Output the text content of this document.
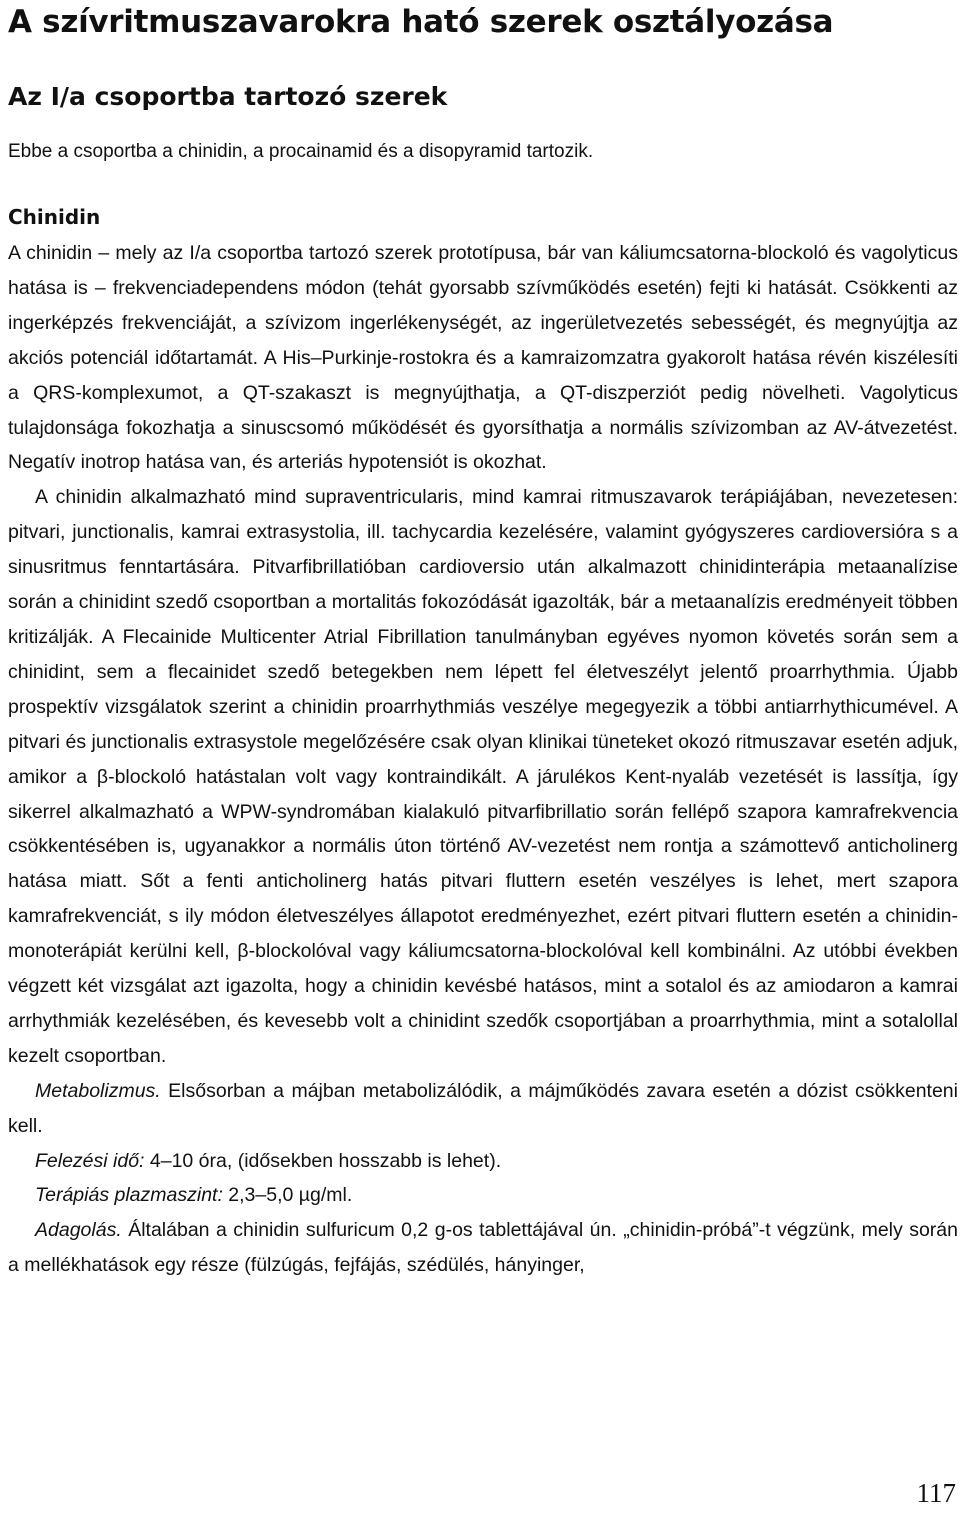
A szívritmuszavarokra ható szerek osztályozása
Az I/a csoportba tartozó szerek

Ebbe a csoportba a chinidin, a procainamid és a disopyramid tartozik.

Chinidin

A chinidin – mely az I/a csoportba tartozó szerek prototípusa, bár van káliumcsatorna-blockoló és vagolyticus hatása is – frekvenciadependens módon (tehát gyorsabb szívműködés esetén) fejti ki hatását. Csökkenti az ingerképzés frekvenciáját, a szívizom ingerlékenységét, az ingerületvezetés sebességét, és megnyújtja az akciós potenciál időtartamát. A His–Purkinje-rostokra és a kamraizomzatra gyakorolt hatása révén kiszélesíti a QRS-komplexumot, a QT-szakaszt is megnyújthatja, a QT-diszperziót pedig növelheti. Vagolyticus tulajdonsága fokozhatja a sinuscsomó működését és gyorsíthatja a normális szívizomban az AV-átvezetést. Negatív inotrop hatása van, és arteriás hypotensiót is okozhat.

A chinidin alkalmazható mind supraventricularis, mind kamrai ritmuszavarok terápiájában, nevezetesen: pitvari, junctionalis, kamrai extrasystolia, ill. tachycardia kezelésére, valamint gyógyszeres cardioversióra s a sinusritmus fenntartására. Pitvarfibrillatióban cardioversio után alkalmazott chinidinterápia metaanalízise során a chinidint szedő csoportban a mortalitás fokozódását igazolták, bár a metaanalízis eredményeit többen kritizálják. A Flecainide Multicenter Atrial Fibrillation tanulmányban egyéves nyomon követés során sem a chinidint, sem a flecainidet szedő betegekben nem lépett fel életveszélyt jelentő proarrhythmia. Újabb prospektív vizsgálatok szerint a chinidin proarrhythmiás veszélye megegyezik a többi antiarrhythicumével. A pitvari és junctionalis extrasystole megelőzésére csak olyan klinikai tüneteket okozó ritmuszavar esetén adjuk, amikor a β-blockoló hatástalan volt vagy kontraindikált. A járulékos Kent-nyaláb vezetését is lassítja, így sikerrel alkalmazható a WPW-syndromában kialakuló pitvarfibrillatio során fellépő szapora kamrafrekvencia csökkentésében is, ugyanakkor a normális úton történő AV-vezetést nem rontja a számottevő anticholinerg hatása miatt. Sőt a fenti anticholinerg hatás pitvari fluttern esetén veszélyes is lehet, mert szapora kamrafrekvenciát, s ily módon életveszélyes állapotot eredményezhet, ezért pitvari fluttern esetén a chinidin-monoterápiát kerülni kell, β-blockolóval vagy káliumcsatorna-blockolóval kell kombinálni. Az utóbbi években végzett két vizsgálat azt igazolta, hogy a chinidin kevésbé hatásos, mint a sotalol és az amiodaron a kamrai arrhythmiák kezelésében, és kevesebb volt a chinidint szedők csoportjában a proarrhythmia, mint a sotalollal kezelt csoportban.

Metabolizmus. Elsősorban a májban metabolizálódik, a májműködés zavara esetén a dózist csökkenteni kell.

Felezési idő: 4–10 óra, (idősekben hosszabb is lehet).

Terápiás plazmaszint: 2,3–5,0 µg/ml.

Adagolás. Általában a chinidin sulfuricum 0,2 g-os tablettájával ún. „chinidin-próbá”-t végzünk, mely során a mellékhatások egy része (fülzúgás, fejfájás, szédülés, hányinger,

117
